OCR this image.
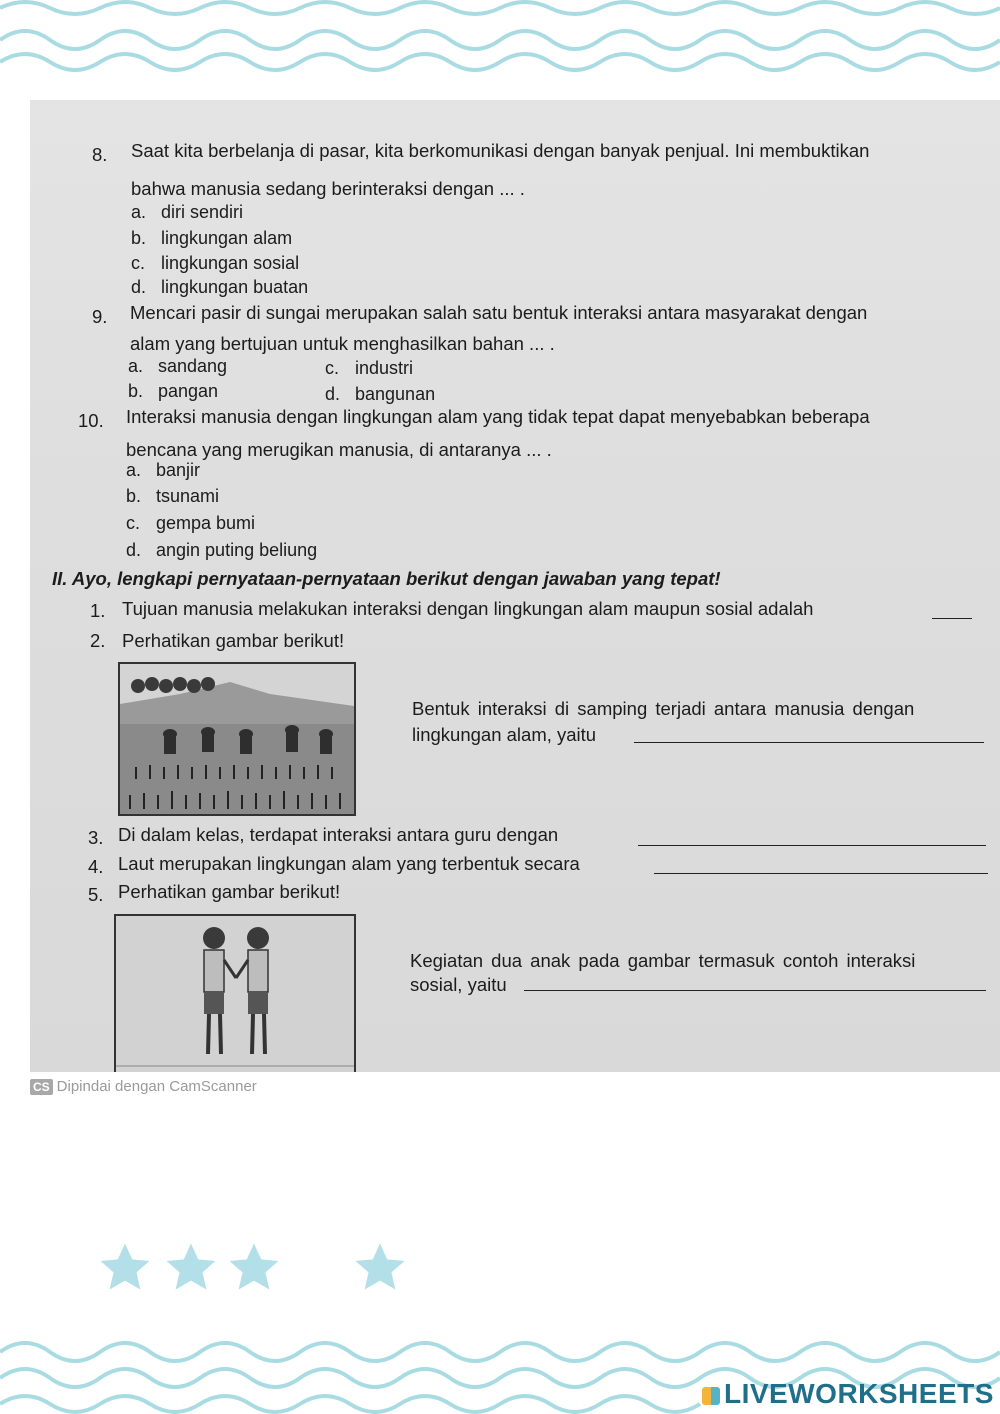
8. Saat kita berbelanja di pasar, kita berkomunikasi dengan banyak penjual. Ini membuktikan
bahwa manusia sedang berinteraksi dengan ... .
a. diri sendiri
b. lingkungan alam
c. lingkungan sosial
d. lingkungan buatan
9. Mencari pasir di sungai merupakan salah satu bentuk interaksi antara masyarakat dengan
alam yang bertujuan untuk menghasilkan bahan ... .
a. sandang	c. industri
b. pangan	d. bangunan
10. Interaksi manusia dengan lingkungan alam yang tidak tepat dapat menyebabkan beberapa
bencana yang merugikan manusia, di antaranya ... .
a. banjir
b. tsunami
c. gempa bumi
d. angin puting beliung
II. Ayo, lengkapi pernyataan-pernyataan berikut dengan jawaban yang tepat!
1. Tujuan manusia melakukan interaksi dengan lingkungan alam maupun sosial adalah
2. Perhatikan gambar berikut!
Bentuk interaksi di samping terjadi antara manusia dengan
lingkungan alam, yaitu
3. Di dalam kelas, terdapat interaksi antara guru dengan
4. Laut merupakan lingkungan alam yang terbentuk secara
5. Perhatikan gambar berikut!
Kegiatan dua anak pada gambar termasuk contoh interaksi
sosial, yaitu
CS Dipindai dengan CamScanner
LIVEWORKSHEETS
